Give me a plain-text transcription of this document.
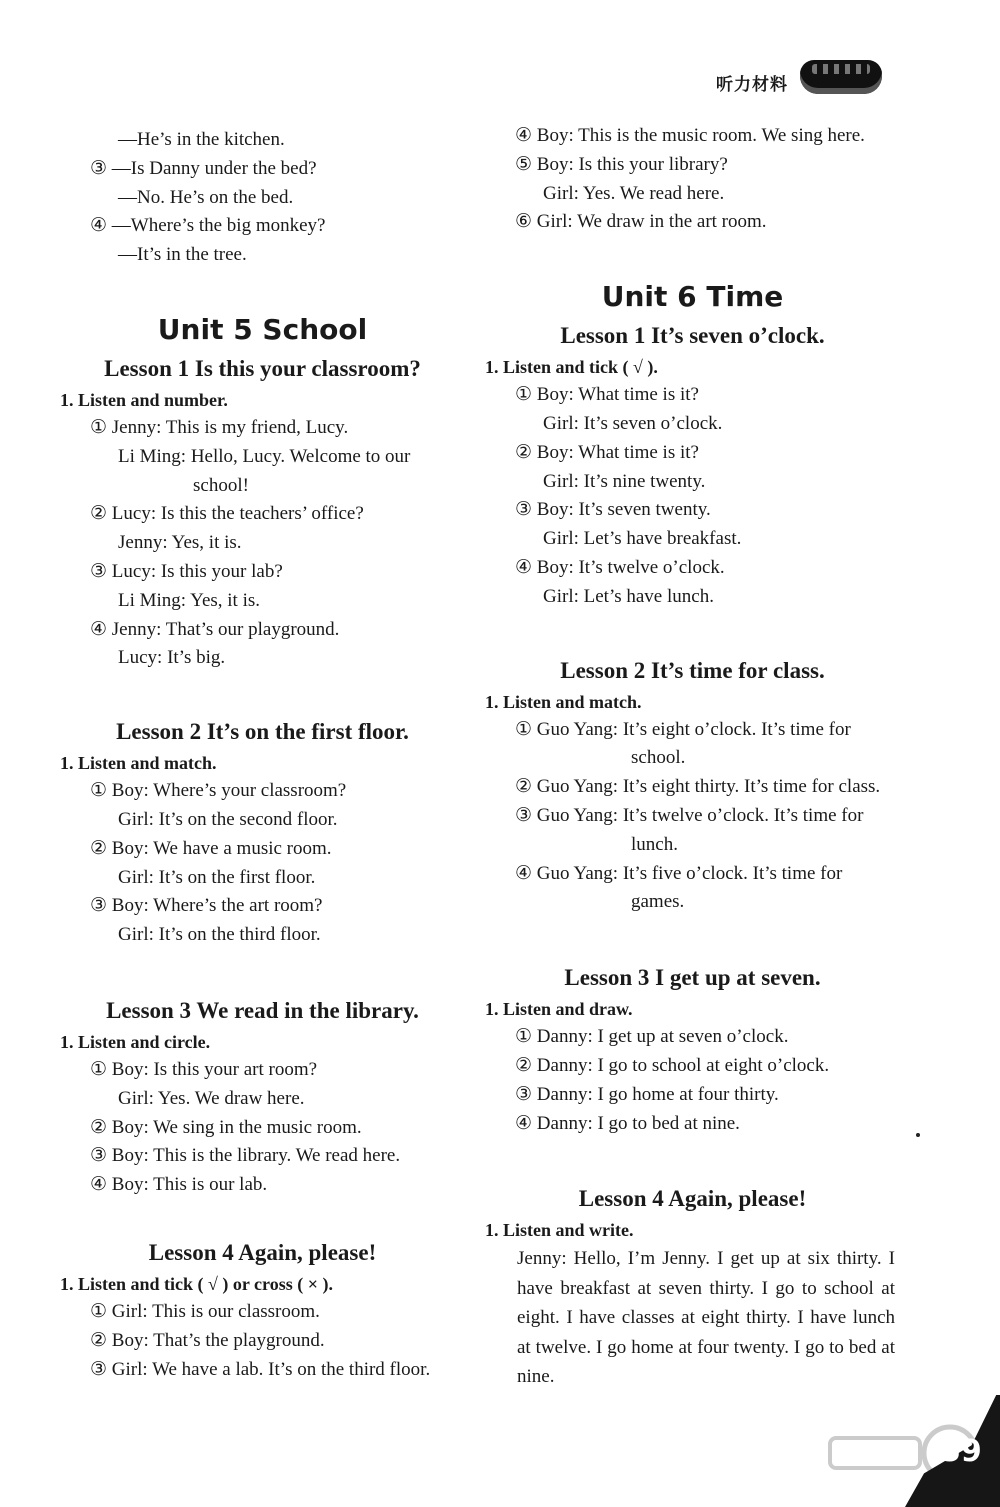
听力材料
—He’s in the kitchen.
③ —Is Danny under the bed?
—No. He’s on the bed.
④ —Where’s the big monkey?
—It’s in the tree.
Unit 5 School
Lesson 1 Is this your classroom?
1. Listen and number.
① Jenny: This is my friend, Lucy.
Li Ming: Hello, Lucy. Welcome to our
school!
② Lucy: Is this the teachers’ office?
Jenny: Yes, it is.
③ Lucy: Is this your lab?
Li Ming: Yes, it is.
④ Jenny: That’s our playground.
Lucy: It’s big.
Lesson 2 It’s on the first floor.
1. Listen and match.
① Boy: Where’s your classroom?
Girl: It’s on the second floor.
② Boy: We have a music room.
Girl: It’s on the first floor.
③ Boy: Where’s the art room?
Girl: It’s on the third floor.
Lesson 3 We read in the library.
1. Listen and circle.
① Boy: Is this your art room?
Girl: Yes. We draw here.
② Boy: We sing in the music room.
③ Boy: This is the library. We read here.
④ Boy: This is our lab.
Lesson 4 Again, please!
1. Listen and tick ( √ ) or cross ( × ).
① Girl: This is our classroom.
② Boy: That’s the playground.
③ Girl: We have a lab. It’s on the third floor.
④ Boy: This is the music room. We sing here.
⑤ Boy: Is this your library?
Girl: Yes. We read here.
⑥ Girl: We draw in the art room.
Unit 6 Time
Lesson 1 It’s seven o’clock.
1. Listen and tick ( √ ).
① Boy: What time is it?
Girl: It’s seven o’clock.
② Boy: What time is it?
Girl: It’s nine twenty.
③ Boy: It’s seven twenty.
Girl: Let’s have breakfast.
④ Boy: It’s twelve o’clock.
Girl: Let’s have lunch.
Lesson 2 It’s time for class.
1. Listen and match.
① Guo Yang: It’s eight o’clock. It’s time for
school.
② Guo Yang: It’s eight thirty. It’s time for class.
③ Guo Yang: It’s twelve o’clock. It’s time for
lunch.
④ Guo Yang: It’s five o’clock. It’s time for
games.
Lesson 3 I get up at seven.
1. Listen and draw.
① Danny: I get up at seven o’clock.
② Danny: I go to school at eight o’clock.
③ Danny: I go home at four thirty.
④ Danny: I go to bed at nine.
Lesson 4 Again, please!
1. Listen and write.
Jenny: Hello, I’m Jenny. I get up at six thirty. I have breakfast at seven thirty. I go to school at eight. I have classes at eight thirty. I have lunch at twelve. I go home at four twenty. I go to bed at nine.
59
